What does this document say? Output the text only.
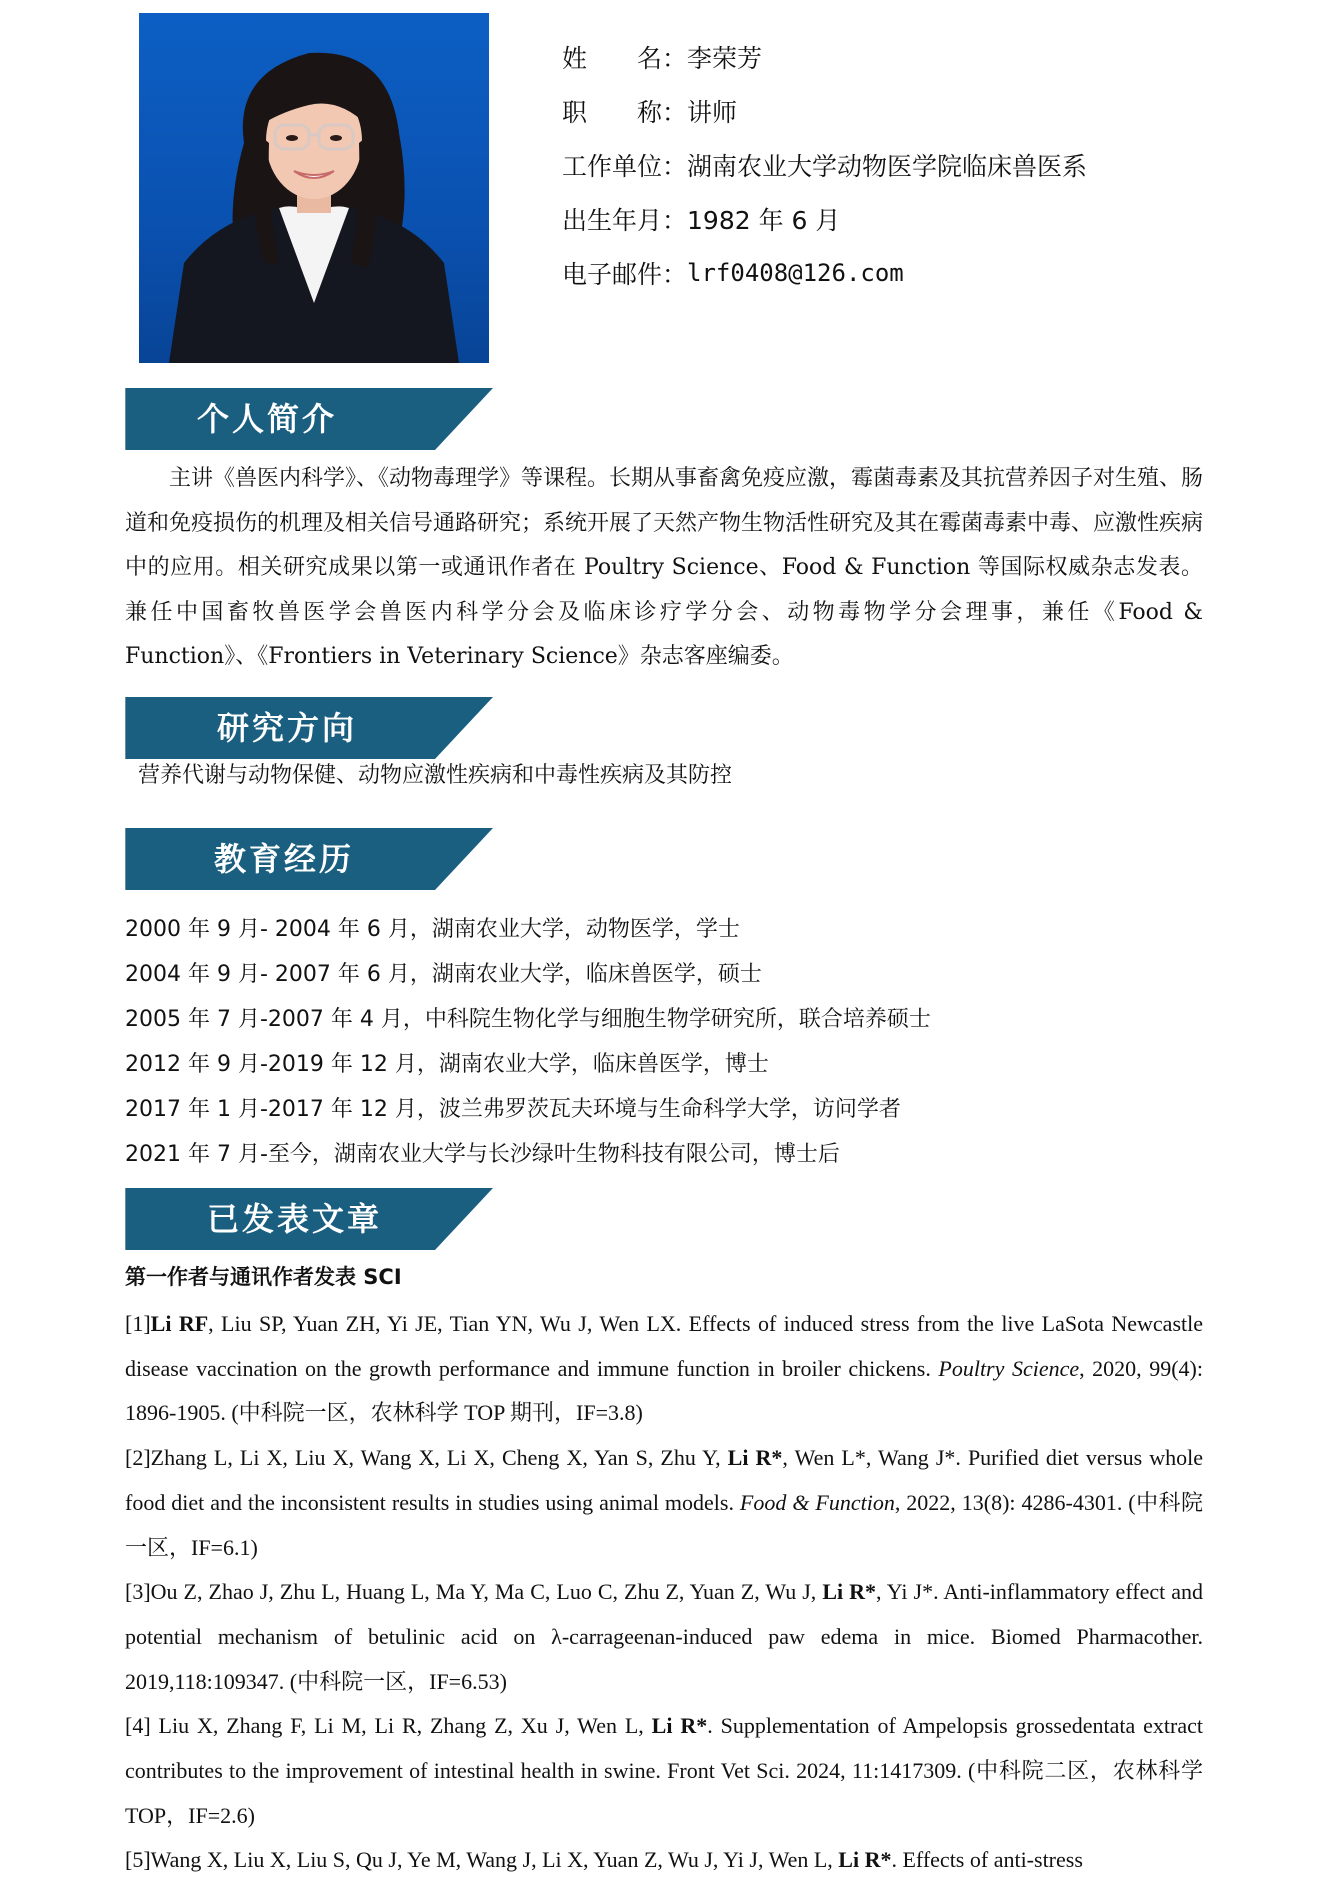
姓　　名： 李荣芳
职　　称： 讲师
工作单位： 湖南农业大学动物医学院临床兽医系
出生年月： 1982 年 6 月
电子邮件： lrf0408@126.com
个人简介

主讲《兽医内科学》、《动物毒理学》等课程。长期从事畜禽免疫应激，霉菌毒素及其抗营养因子对生殖、肠道和免疫损伤的机理及相关信号通路研究；系统开展了天然产物生物活性研究及其在霉菌毒素中毒、应激性疾病中的应用。相关研究成果以第一或通讯作者在 Poultry Science、Food & Function 等国际权威杂志发表。兼任中国畜牧兽医学会兽医内科学分会及临床诊疗学分会、动物毒物学分会理事，兼任《Food & Function》、《Frontiers in Veterinary Science》杂志客座编委。

研究方向

营养代谢与动物保健、动物应激性疾病和中毒性疾病及其防控

教育经历
2000 年 9 月- 2004 年 6 月，湖南农业大学，动物医学，学士
2004 年 9 月- 2007 年 6 月，湖南农业大学，临床兽医学，硕士
2005 年 7 月-2007 年 4 月，中科院生物化学与细胞生物学研究所，联合培养硕士
2012 年 9 月-2019 年 12 月，湖南农业大学，临床兽医学，博士
2017 年 1 月-2017 年 12 月，波兰弗罗茨瓦夫环境与生命科学大学，访问学者
2021 年 7 月-至今，湖南农业大学与长沙绿叶生物科技有限公司，博士后
已发表文章

第一作者与通讯作者发表 SCI

[1]Li RF, Liu SP, Yuan ZH, Yi JE, Tian YN, Wu J, Wen LX. Effects of induced stress from the live LaSota Newcastle disease vaccination on the growth performance and immune function in broiler chickens. Poultry Science, 2020, 99(4): 1896-1905. (中科院一区，农林科学 TOP 期刊，IF=3.8)

[2]Zhang L, Li X, Liu X, Wang X, Li X, Cheng X, Yan S, Zhu Y, Li R*, Wen L*, Wang J*. Purified diet versus whole food diet and the inconsistent results in studies using animal models. Food & Function, 2022, 13(8): 4286-4301. (中科院一区，IF=6.1)

[3]Ou Z, Zhao J, Zhu L, Huang L, Ma Y, Ma C, Luo C, Zhu Z, Yuan Z, Wu J, Li R*, Yi J*. Anti-inflammatory effect and potential mechanism of betulinic acid on λ-carrageenan-induced paw edema in mice. Biomed Pharmacother. 2019,118:109347. (中科院一区，IF=6.53)

[4] Liu X, Zhang F, Li M, Li R, Zhang Z, Xu J, Wen L, Li R*. Supplementation of Ampelopsis grossedentata extract contributes to the improvement of intestinal health in swine. Front Vet Sci. 2024, 11:1417309. (中科院二区，农林科学 TOP，IF=2.6)

[5]Wang X, Liu X, Liu S, Qu J, Ye M, Wang J, Li X, Yuan Z, Wu J, Yi J, Wen L, Li R*. Effects of anti-stress
